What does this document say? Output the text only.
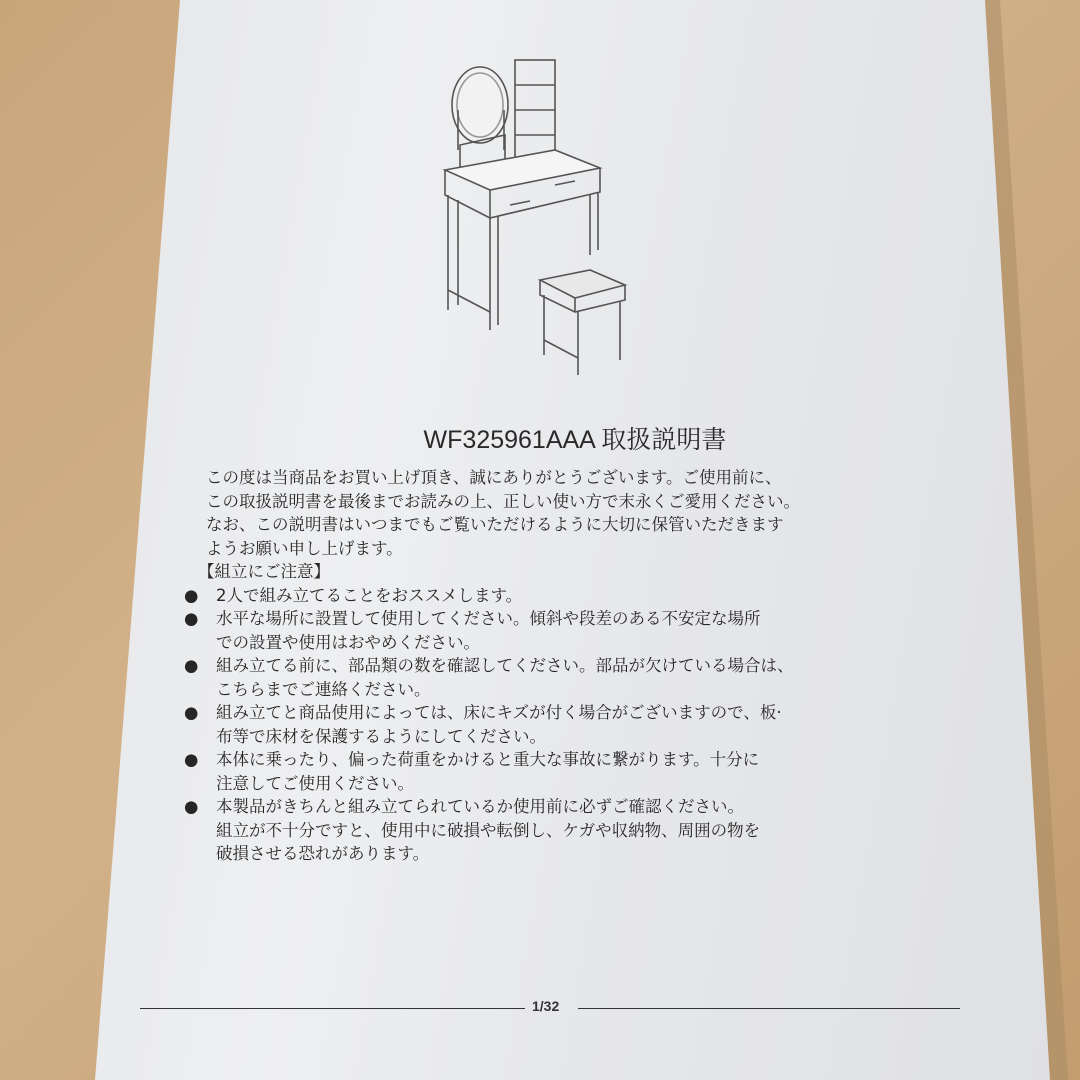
WF325961AAA 取扱説明書
この度は当商品をお買い上げ頂き、誠にありがとうございます。ご使用前に、
この取扱説明書を最後までお読みの上、正しい使い方で末永くご愛用ください。
なお、この説明書はいつまでもご覧いただけるように大切に保管いただきます
ようお願い申し上げます。
【組立にご注意】
● 2人で組み立てることをおススメします。
● 水平な場所に設置して使用してください。傾斜や段差のある不安定な場所
での設置や使用はおやめください。
● 組み立てる前に、部品類の数を確認してください。部品が欠けている場合は、
こちらまでご連絡ください。
● 組み立てと商品使用によっては、床にキズが付く場合がございますので、板·
布等で床材を保護するようにしてください。
● 本体に乗ったり、偏った荷重をかけると重大な事故に繋がります。十分に
注意してご使用ください。
● 本製品がきちんと組み立てられているか使用前に必ずご確認ください。
組立が不十分ですと、使用中に破損や転倒し、ケガや収納物、周囲の物を
破損させる恐れがあります。
1/32
